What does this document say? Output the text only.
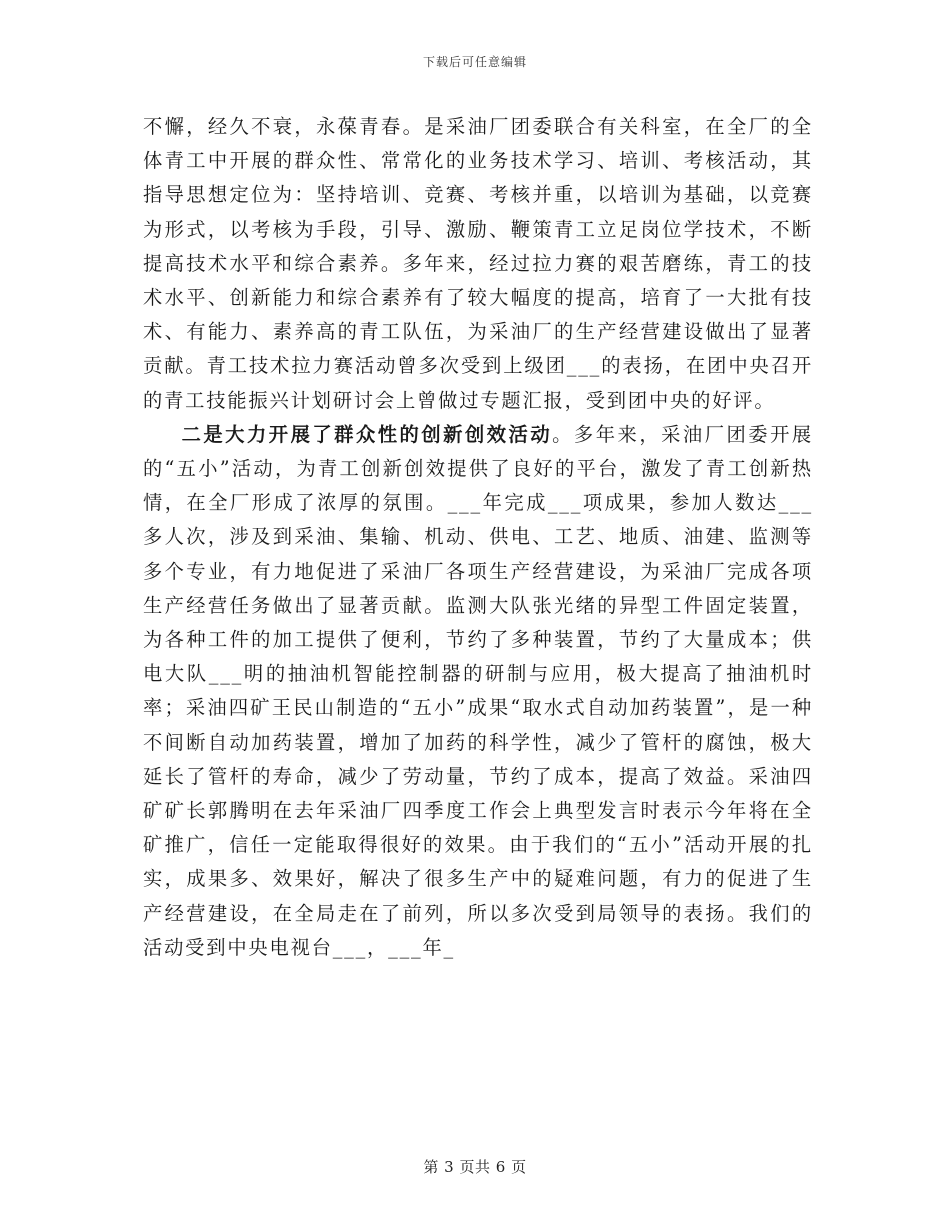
下载后可任意编辑

不懈，经久不衰，永葆青春。是采油厂团委联合有关科室，在全厂的全体青工中开展的群众性、常常化的业务技术学习、培训、考核活动，其指导思想定位为：坚持培训、竞赛、考核并重，以培训为基础，以竞赛为形式，以考核为手段，引导、激励、鞭策青工立足岗位学技术，不断提高技术水平和综合素养。多年来，经过拉力赛的艰苦磨练，青工的技术水平、创新能力和综合素养有了较大幅度的提高，培育了一大批有技术、有能力、素养高的青工队伍，为采油厂的生产经营建设做出了显著贡献。青工技术拉力赛活动曾多次受到上级团___的表扬，在团中央召开的青工技能振兴计划研讨会上曾做过专题汇报，受到团中央的好评。

二是大力开展了群众性的创新创效活动。多年来，采油厂团委开展的“五小”活动，为青工创新创效提供了良好的平台，激发了青工创新热情，在全厂形成了浓厚的氛围。___年完成___项成果，参加人数达___多人次，涉及到采油、集输、机动、供电、工艺、地质、油建、监测等多个专业，有力地促进了采油厂各项生产经营建设，为采油厂完成各项生产经营任务做出了显著贡献。监测大队张光绪的异型工件固定装置，为各种工件的加工提供了便利，节约了多种装置，节约了大量成本；供电大队___明的抽油机智能控制器的研制与应用，极大提高了抽油机时率；采油四矿王民山制造的“五小”成果“取水式自动加药装置”，是一种不间断自动加药装置，增加了加药的科学性，减少了管杆的腐蚀，极大延长了管杆的寿命，减少了劳动量，节约了成本，提高了效益。采油四矿矿长郭腾明在去年采油厂四季度工作会上典型发言时表示今年将在全矿推广，信任一定能取得很好的效果。由于我们的“五小”活动开展的扎实，成果多、效果好，解决了很多生产中的疑难问题，有力的促进了生产经营建设，在全局走在了前列，所以多次受到局领导的表扬。我们的活动受到中央电视台___，___年_

第 3 页共 6 页
